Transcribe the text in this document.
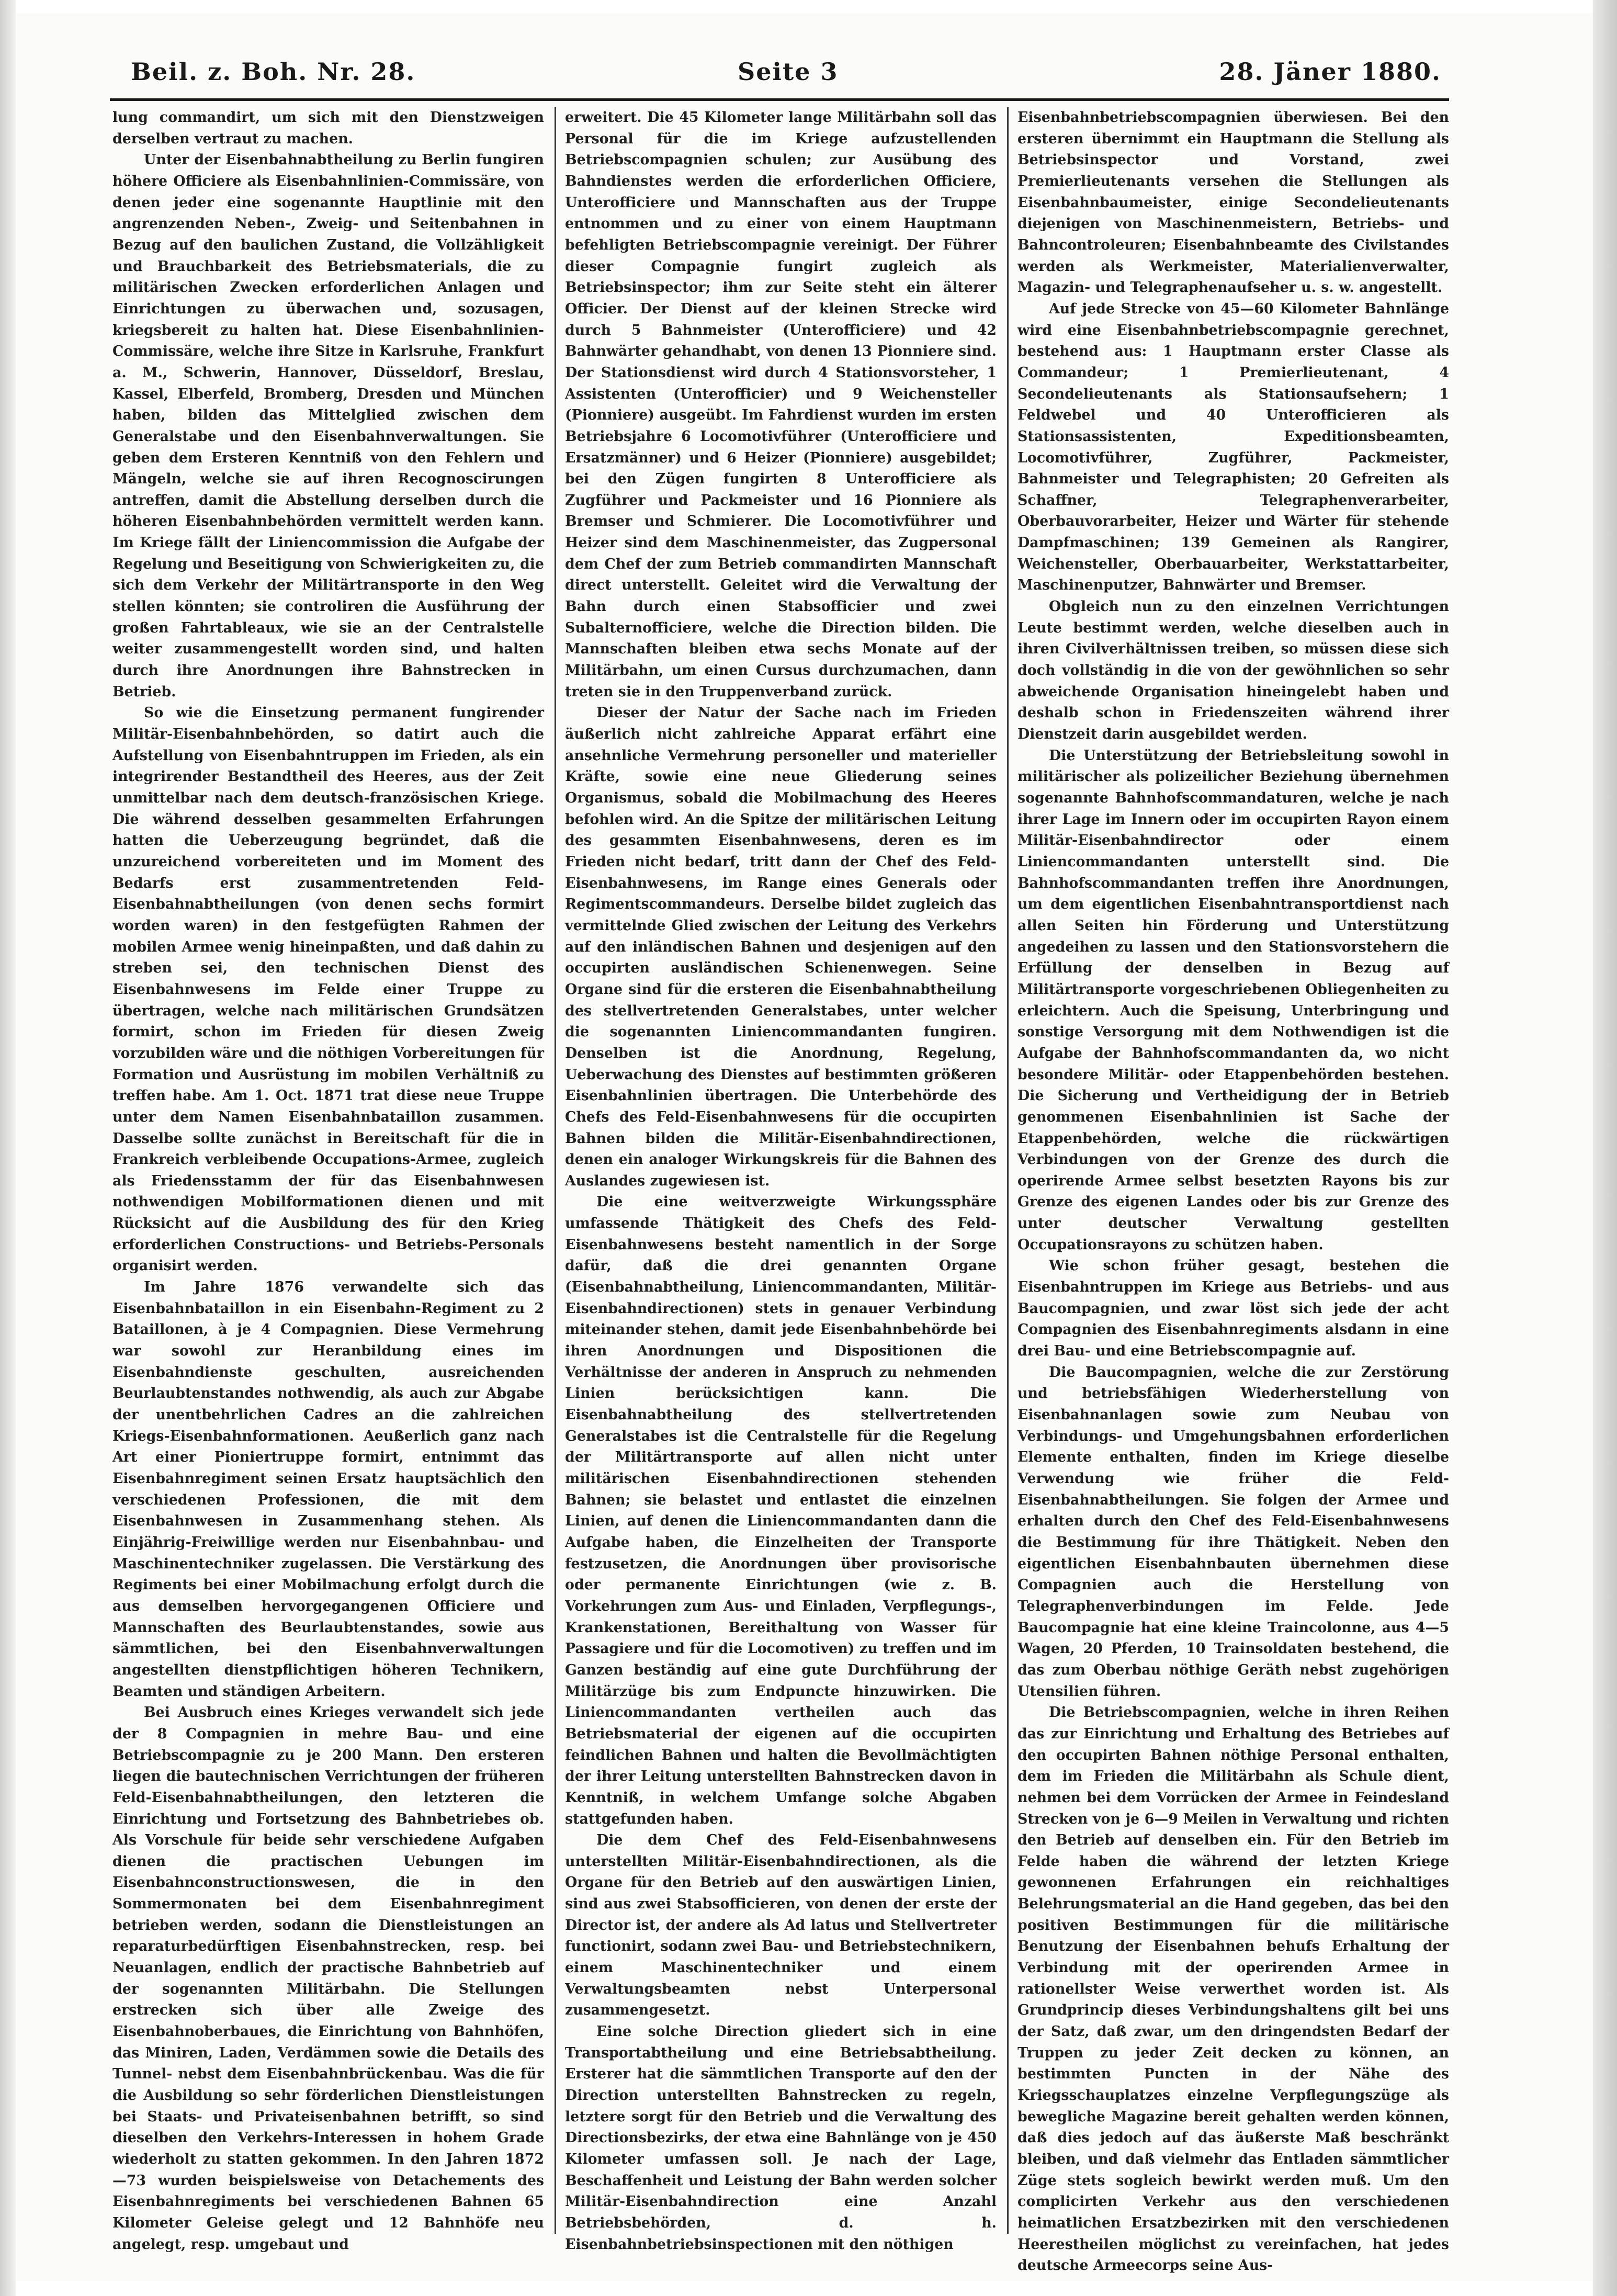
Beil. z. Boh. Nr. 28.	Seite 3	28. Jäner 1880.

lung commandirt, um sich mit den Dienstzweigen derselben vertraut zu machen.

Unter der Eisenbahnabtheilung zu Berlin fungiren höhere Officiere als Eisenbahnlinien-Commissäre, von denen jeder eine sogenannte Hauptlinie mit den angrenzenden Neben-, Zweig- und Seitenbahnen in Bezug auf den baulichen Zustand, die Vollzähligkeit und Brauchbarkeit des Betriebsmaterials, die zu militärischen Zwecken erforderlichen Anlagen und Einrichtungen zu überwachen und, sozusagen, kriegsbereit zu halten hat. Diese Eisenbahnlinien-Commissäre, welche ihre Sitze in Karlsruhe, Frankfurt a. M., Schwerin, Hannover, Düsseldorf, Breslau, Kassel, Elberfeld, Bromberg, Dresden und München haben, bilden das Mittelglied zwischen dem Generalstabe und den Eisenbahnverwaltungen. Sie geben dem Ersteren Kenntniß von den Fehlern und Mängeln, welche sie auf ihren Recognoscirungen antreffen, damit die Abstellung derselben durch die höheren Eisenbahnbehörden vermittelt werden kann. Im Kriege fällt der Liniencommission die Aufgabe der Regelung und Beseitigung von Schwierigkeiten zu, die sich dem Verkehr der Militärtransporte in den Weg stellen könnten; sie controliren die Ausführung der großen Fahrtableaux, wie sie an der Centralstelle weiter zusammengestellt worden sind, und halten durch ihre Anordnungen ihre Bahnstrecken in Betrieb.

So wie die Einsetzung permanent fungirender Militär-Eisenbahnbehörden, so datirt auch die Aufstellung von Eisenbahntruppen im Frieden, als ein integrirender Bestandtheil des Heeres, aus der Zeit unmittelbar nach dem deutsch-französischen Kriege. Die während desselben gesammelten Erfahrungen hatten die Ueberzeugung begründet, daß die unzureichend vorbereiteten und im Moment des Bedarfs erst zusammentretenden Feld-Eisenbahnabtheilungen (von denen sechs formirt worden waren) in den festgefügten Rahmen der mobilen Armee wenig hineinpaßten, und daß dahin zu streben sei, den technischen Dienst des Eisenbahnwesens im Felde einer Truppe zu übertragen, welche nach militärischen Grundsätzen formirt, schon im Frieden für diesen Zweig vorzubilden wäre und die nöthigen Vorbereitungen für Formation und Ausrüstung im mobilen Verhältniß zu treffen habe. Am 1. Oct. 1871 trat diese neue Truppe unter dem Namen Eisenbahnbataillon zusammen. Dasselbe sollte zunächst in Bereitschaft für die in Frankreich verbleibende Occupations-Armee, zugleich als Friedensstamm der für das Eisenbahnwesen nothwendigen Mobilformationen dienen und mit Rücksicht auf die Ausbildung des für den Krieg erforderlichen Constructions- und Betriebs-Personals organisirt werden.

Im Jahre 1876 verwandelte sich das Eisenbahnbataillon in ein Eisenbahn-Regiment zu 2 Bataillonen, à je 4 Compagnien. Diese Vermehrung war sowohl zur Heranbildung eines im Eisenbahndienste geschulten, ausreichenden Beurlaubtenstandes nothwendig, als auch zur Abgabe der unentbehrlichen Cadres an die zahlreichen Kriegs-Eisenbahnformationen. Aeußerlich ganz nach Art einer Pioniertruppe formirt, entnimmt das Eisenbahnregiment seinen Ersatz hauptsächlich den verschiedenen Professionen, die mit dem Eisenbahnwesen in Zusammenhang stehen. Als Einjährig-Freiwillige werden nur Eisenbahnbau- und Maschinentechniker zugelassen. Die Verstärkung des Regiments bei einer Mobilmachung erfolgt durch die aus demselben hervorgegangenen Officiere und Mannschaften des Beurlaubtenstandes, sowie aus sämmtlichen, bei den Eisenbahnverwaltungen angestellten dienstpflichtigen höheren Technikern, Beamten und ständigen Arbeitern.

Bei Ausbruch eines Krieges verwandelt sich jede der 8 Compagnien in mehre Bau- und eine Betriebscompagnie zu je 200 Mann. Den ersteren liegen die bautechnischen Verrichtungen der früheren Feld-Eisenbahnabtheilungen, den letzteren die Einrichtung und Fortsetzung des Bahnbetriebes ob. Als Vorschule für beide sehr verschiedene Aufgaben dienen die practischen Uebungen im Eisenbahnconstructionswesen, die in den Sommermonaten bei dem Eisenbahnregiment betrieben werden, sodann die Dienstleistungen an reparaturbedürftigen Eisenbahnstrecken, resp. bei Neuanlagen, endlich der practische Bahnbetrieb auf der sogenannten Militärbahn. Die Stellungen erstrecken sich über alle Zweige des Eisenbahnoberbaues, die Einrichtung von Bahnhöfen, das Miniren, Laden, Verdämmen sowie die Details des Tunnel- nebst dem Eisenbahnbrückenbau. Was die für die Ausbildung so sehr förderlichen Dienstleistungen bei Staats- und Privateisenbahnen betrifft, so sind dieselben den Verkehrs-Interessen in hohem Grade wiederholt zu statten gekommen. In den Jahren 1872—73 wurden beispielsweise von Detachements des Eisenbahnregiments bei verschiedenen Bahnen 65 Kilometer Geleise gelegt und 12 Bahnhöfe neu angelegt, resp. umgebaut und

erweitert. Die 45 Kilometer lange Militärbahn soll das Personal für die im Kriege aufzustellenden Betriebscompagnien schulen; zur Ausübung des Bahndienstes werden die erforderlichen Officiere, Unterofficiere und Mannschaften aus der Truppe entnommen und zu einer von einem Hauptmann befehligten Betriebscompagnie vereinigt. Der Führer dieser Compagnie fungirt zugleich als Betriebsinspector; ihm zur Seite steht ein älterer Officier. Der Dienst auf der kleinen Strecke wird durch 5 Bahnmeister (Unterofficiere) und 42 Bahnwärter gehandhabt, von denen 13 Pionniere sind. Der Stationsdienst wird durch 4 Stationsvorsteher, 1 Assistenten (Unterofficier) und 9 Weichensteller (Pionniere) ausgeübt. Im Fahrdienst wurden im ersten Betriebsjahre 6 Locomotivführer (Unterofficiere und Ersatzmänner) und 6 Heizer (Pionniere) ausgebildet; bei den Zügen fungirten 8 Unterofficiere als Zugführer und Packmeister und 16 Pionniere als Bremser und Schmierer. Die Locomotivführer und Heizer sind dem Maschinenmeister, das Zugpersonal dem Chef der zum Betrieb commandirten Mannschaft direct unterstellt. Geleitet wird die Verwaltung der Bahn durch einen Stabsofficier und zwei Subalternofficiere, welche die Direction bilden. Die Mannschaften bleiben etwa sechs Monate auf der Militärbahn, um einen Cursus durchzumachen, dann treten sie in den Truppenverband zurück.

Dieser der Natur der Sache nach im Frieden äußerlich nicht zahlreiche Apparat erfährt eine ansehnliche Vermehrung personeller und materieller Kräfte, sowie eine neue Gliederung seines Organismus, sobald die Mobilmachung des Heeres befohlen wird. An die Spitze der militärischen Leitung des gesammten Eisenbahnwesens, deren es im Frieden nicht bedarf, tritt dann der Chef des Feld-Eisenbahnwesens, im Range eines Generals oder Regimentscommandeurs. Derselbe bildet zugleich das vermittelnde Glied zwischen der Leitung des Verkehrs auf den inländischen Bahnen und desjenigen auf den occupirten ausländischen Schienenwegen. Seine Organe sind für die ersteren die Eisenbahnabtheilung des stellvertretenden Generalstabes, unter welcher die sogenannten Liniencommandanten fungiren. Denselben ist die Anordnung, Regelung, Ueberwachung des Dienstes auf bestimmten größeren Eisenbahnlinien übertragen. Die Unterbehörde des Chefs des Feld-Eisenbahnwesens für die occupirten Bahnen bilden die Militär-Eisenbahndirectionen, denen ein analoger Wirkungskreis für die Bahnen des Auslandes zugewiesen ist.

Die eine weitverzweigte Wirkungssphäre umfassende Thätigkeit des Chefs des Feld-Eisenbahnwesens besteht namentlich in der Sorge dafür, daß die drei genannten Organe (Eisenbahnabtheilung, Liniencommandanten, Militär-Eisenbahndirectionen) stets in genauer Verbindung miteinander stehen, damit jede Eisenbahnbehörde bei ihren Anordnungen und Dispositionen die Verhältnisse der anderen in Anspruch zu nehmenden Linien berücksichtigen kann. Die Eisenbahnabtheilung des stellvertretenden Generalstabes ist die Centralstelle für die Regelung der Militärtransporte auf allen nicht unter militärischen Eisenbahndirectionen stehenden Bahnen; sie belastet und entlastet die einzelnen Linien, auf denen die Liniencommandanten dann die Aufgabe haben, die Einzelheiten der Transporte festzusetzen, die Anordnungen über provisorische oder permanente Einrichtungen (wie z. B. Vorkehrungen zum Aus- und Einladen, Verpflegungs-, Krankenstationen, Bereithaltung von Wasser für Passagiere und für die Locomotiven) zu treffen und im Ganzen beständig auf eine gute Durchführung der Militärzüge bis zum Endpuncte hinzuwirken. Die Liniencommandanten vertheilen auch das Betriebsmaterial der eigenen auf die occupirten feindlichen Bahnen und halten die Bevollmächtigten der ihrer Leitung unterstellten Bahnstrecken davon in Kenntniß, in welchem Umfange solche Abgaben stattgefunden haben.

Die dem Chef des Feld-Eisenbahnwesens unterstellten Militär-Eisenbahndirectionen, als die Organe für den Betrieb auf den auswärtigen Linien, sind aus zwei Stabsofficieren, von denen der erste der Director ist, der andere als Ad latus und Stellvertreter functionirt, sodann zwei Bau- und Betriebstechnikern, einem Maschinentechniker und einem Verwaltungsbeamten nebst Unterpersonal zusammengesetzt.

Eine solche Direction gliedert sich in eine Transportabtheilung und eine Betriebsabtheilung. Ersterer hat die sämmtlichen Transporte auf den der Direction unterstellten Bahnstrecken zu regeln, letztere sorgt für den Betrieb und die Verwaltung des Directionsbezirks, der etwa eine Bahnlänge von je 450 Kilometer umfassen soll. Je nach der Lage, Beschaffenheit und Leistung der Bahn werden solcher Militär-Eisenbahndirection eine Anzahl Betriebsbehörden, d. h. Eisenbahnbetriebsinspectionen mit den nöthigen

Eisenbahnbetriebscompagnien überwiesen. Bei den ersteren übernimmt ein Hauptmann die Stellung als Betriebsinspector und Vorstand, zwei Premierlieutenants versehen die Stellungen als Eisenbahnbaumeister, einige Secondelieutenants diejenigen von Maschinenmeistern, Betriebs- und Bahncontroleuren; Eisenbahnbeamte des Civilstandes werden als Werkmeister, Materialienverwalter, Magazin- und Telegraphenaufseher u. s. w. angestellt.

Auf jede Strecke von 45—60 Kilometer Bahnlänge wird eine Eisenbahnbetriebscompagnie gerechnet, bestehend aus: 1 Hauptmann erster Classe als Commandeur; 1 Premierlieutenant, 4 Secondelieutenants als Stationsaufsehern; 1 Feldwebel und 40 Unterofficieren als Stationsassistenten, Expeditionsbeamten, Locomotivführer, Zugführer, Packmeister, Bahnmeister und Telegraphisten; 20 Gefreiten als Schaffner, Telegraphenverarbeiter, Oberbauvorarbeiter, Heizer und Wärter für stehende Dampfmaschinen; 139 Gemeinen als Rangirer, Weichensteller, Oberbauarbeiter, Werkstattarbeiter, Maschinenputzer, Bahnwärter und Bremser.

Obgleich nun zu den einzelnen Verrichtungen Leute bestimmt werden, welche dieselben auch in ihren Civilverhältnissen treiben, so müssen diese sich doch vollständig in die von der gewöhnlichen so sehr abweichende Organisation hineingelebt haben und deshalb schon in Friedenszeiten während ihrer Dienstzeit darin ausgebildet werden.

Die Unterstützung der Betriebsleitung sowohl in militärischer als polizeilicher Beziehung übernehmen sogenannte Bahnhofscommandaturen, welche je nach ihrer Lage im Innern oder im occupirten Rayon einem Militär-Eisenbahndirector oder einem Liniencommandanten unterstellt sind. Die Bahnhofscommandanten treffen ihre Anordnungen, um dem eigentlichen Eisenbahntransportdienst nach allen Seiten hin Förderung und Unterstützung angedeihen zu lassen und den Stationsvorstehern die Erfüllung der denselben in Bezug auf Militärtransporte vorgeschriebenen Obliegenheiten zu erleichtern. Auch die Speisung, Unterbringung und sonstige Versorgung mit dem Nothwendigen ist die Aufgabe der Bahnhofscommandanten da, wo nicht besondere Militär- oder Etappenbehörden bestehen. Die Sicherung und Vertheidigung der in Betrieb genommenen Eisenbahnlinien ist Sache der Etappenbehörden, welche die rückwärtigen Verbindungen von der Grenze des durch die operirende Armee selbst besetzten Rayons bis zur Grenze des eigenen Landes oder bis zur Grenze des unter deutscher Verwaltung gestellten Occupationsrayons zu schützen haben.

Wie schon früher gesagt, bestehen die Eisenbahntruppen im Kriege aus Betriebs- und aus Baucompagnien, und zwar löst sich jede der acht Compagnien des Eisenbahnregiments alsdann in eine drei Bau- und eine Betriebscompagnie auf.

Die Baucompagnien, welche die zur Zerstörung und betriebsfähigen Wiederherstellung von Eisenbahnanlagen sowie zum Neubau von Verbindungs- und Umgehungsbahnen erforderlichen Elemente enthalten, finden im Kriege dieselbe Verwendung wie früher die Feld-Eisenbahnabtheilungen. Sie folgen der Armee und erhalten durch den Chef des Feld-Eisenbahnwesens die Bestimmung für ihre Thätigkeit. Neben den eigentlichen Eisenbahnbauten übernehmen diese Compagnien auch die Herstellung von Telegraphenverbindungen im Felde. Jede Baucompagnie hat eine kleine Traincolonne, aus 4—5 Wagen, 20 Pferden, 10 Trainsoldaten bestehend, die das zum Oberbau nöthige Geräth nebst zugehörigen Utensilien führen.

Die Betriebscompagnien, welche in ihren Reihen das zur Einrichtung und Erhaltung des Betriebes auf den occupirten Bahnen nöthige Personal enthalten, dem im Frieden die Militärbahn als Schule dient, nehmen bei dem Vorrücken der Armee in Feindesland Strecken von je 6—9 Meilen in Verwaltung und richten den Betrieb auf denselben ein. Für den Betrieb im Felde haben die während der letzten Kriege gewonnenen Erfahrungen ein reichhaltiges Belehrungsmaterial an die Hand gegeben, das bei den positiven Bestimmungen für die militärische Benutzung der Eisenbahnen behufs Erhaltung der Verbindung mit der operirenden Armee in rationellster Weise verwerthet worden ist. Als Grundprincip dieses Verbindungshaltens gilt bei uns der Satz, daß zwar, um den dringendsten Bedarf der Truppen zu jeder Zeit decken zu können, an bestimmten Puncten in der Nähe des Kriegsschauplatzes einzelne Verpflegungszüge als bewegliche Magazine bereit gehalten werden können, daß dies jedoch auf das äußerste Maß beschränkt bleiben, und daß vielmehr das Entladen sämmtlicher Züge stets sogleich bewirkt werden muß. Um den complicirten Verkehr aus den verschiedenen heimatlichen Ersatzbezirken mit den verschiedenen Heerestheilen möglichst zu vereinfachen, hat jedes deutsche Armeecorps seine Aus-
